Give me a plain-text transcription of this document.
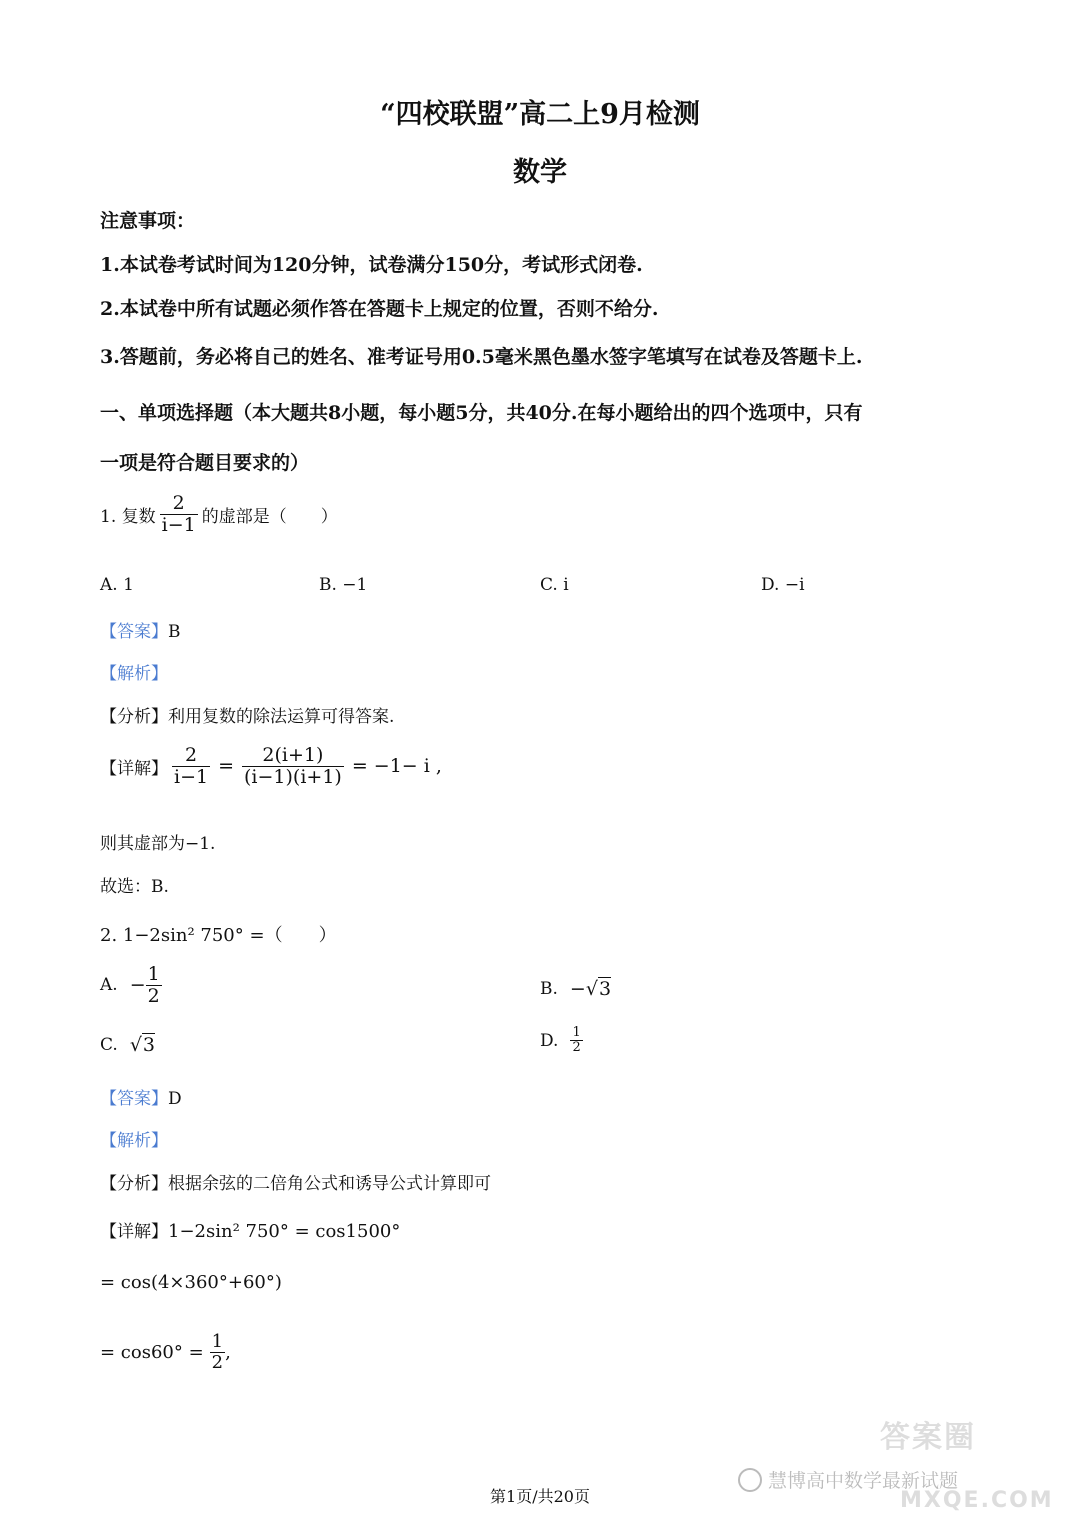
“四校联盟”高二上9月检测
数学
注意事项：
1.本试卷考试时间为120分钟，试卷满分150分，考试形式闭卷.
2.本试卷中所有试题必须作答在答题卡上规定的位置，否则不给分.
3.答题前，务必将自己的姓名、准考证号用0.5毫米黑色墨水签字笔填写在试卷及答题卡上.
一、单项选择题（本大题共8小题，每小题5分，共40分.在每小题给出的四个选项中，只有
一项是符合题目要求的）
1. 复数 $\frac{2}{i-1}$ 的虚部是（　　）
A. 1	B. −1	C. i	D. −i
【答案】B
【解析】
【分析】利用复数的除法运算可得答案.
【详解】 $\frac{2}{i-1} = \frac{2(i+1)}{(i-1)(i+1)} = -1- i$ ,
则其虚部为−1.
故选：B.
2. 1−2sin² 750° =（　　）
A. − $\frac{1}{2}$	B. − √ 3
C. √ 3	D. $\frac{1}{2}$
【答案】D
【解析】
【分析】根据余弦的二倍角公式和诱导公式计算即可
【详解】1−2sin² 750° = cos1500°
= cos(4×360°+60°)
= $\cos 60^\circ = \frac{1}{2}$ ,
第1页/共20页
慧博高中数学最新试题
答案圈
MXQE.COM
